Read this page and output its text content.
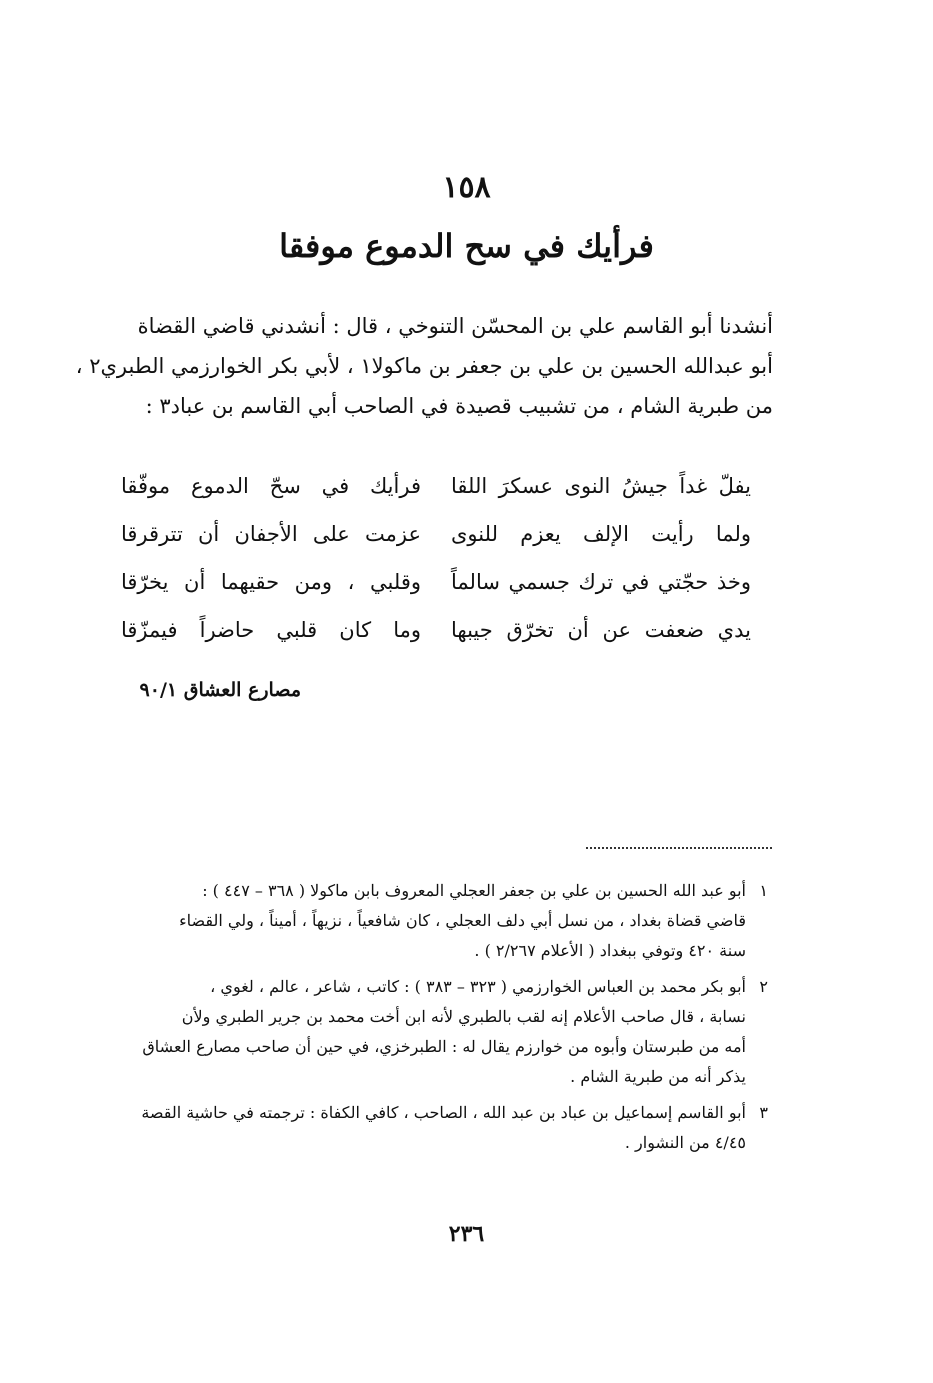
١٥٨
فرأيك في سح الدموع موفقا
أنشدنا أبو القاسم علي بن المحسّن التنوخي ، قال : أنشدني قاضي القضاة
أبو عبدالله الحسين بن علي بن جعفر بن ماكولا١ ، لأبي بكر الخوارزمي الطبري٢ ،
من طبرية الشام ، من تشبيب قصيدة في الصاحب أبي القاسم بن عباد٣ :
يفلّ غداً جيشُ النوى عسكرَ اللقا
فرأيك في سحّ الدموع موفّقا
ولما رأيت الإلف يعزم للنوى
عزمت على الأجفان أن تترقرقا
وخذ حجّتي في ترك جسمي سالماً
وقلبي ، ومن حقيهما أن يخرّقا
يدي ضعفت عن أن تخرّق جيبها
وما كان قلبي حاضراً فيمزّقا
مصارع العشاق ٩٠/١
١
أبو عبد الله الحسين بن علي بن جعفر العجلي المعروف بابن ماكولا ( ٣٦٨ – ٤٤٧ ) :
قاضي قضاة بغداد ، من نسل أبي دلف العجلي ، كان شافعياً ، نزيهاً ، أميناً ، ولي القضاء
سنة ٤٢٠ وتوفي ببغداد ( الأعلام ٢/٢٦٧ ) .
٢
أبو بكر محمد بن العباس الخوارزمي ( ٣٢٣ – ٣٨٣ ) : كاتب ، شاعر ، عالم ، لغوي ،
نسابة ، قال صاحب الأعلام إنه لقب بالطبري لأنه ابن أخت محمد بن جرير الطبري ولأن
أمه من طبرستان وأبوه من خوارزم يقال له : الطبرخزي، في حين أن صاحب مصارع العشاق
يذكر أنه من طبرية الشام .
٣
أبو القاسم إسماعيل بن عباد بن عبد الله ، الصاحب ، كافي الكفاة : ترجمته في حاشية القصة
٤/٤٥ من النشوار .
٢٣٦
